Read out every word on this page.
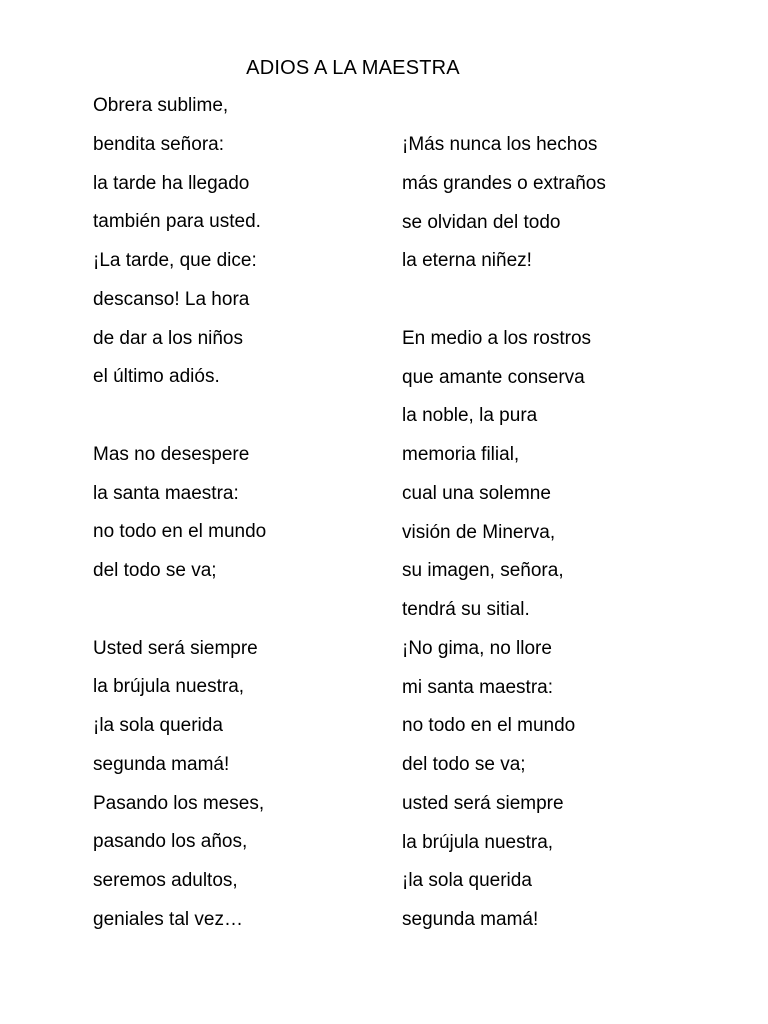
ADIOS A LA MAESTRA
Obrera sublime,
bendita señora:
la tarde ha llegado
también para usted.
¡La tarde, que dice:
descanso! La hora
de dar a los niños
el último adiós.
Mas no desespere
la santa maestra:
no todo en el mundo
del todo se va;
Usted será siempre
la brújula nuestra,
¡la sola querida
segunda mamá!
Pasando los meses,
pasando los años,
seremos adultos,
geniales tal vez…
¡Más nunca los hechos
más grandes o extraños
se olvidan del todo
la eterna niñez!
En medio a los rostros
que amante conserva
la noble, la pura
memoria filial,
cual una solemne
visión de Minerva,
su imagen, señora,
tendrá su sitial.
¡No gima, no llore
mi santa maestra:
no todo en el mundo
del todo se va;
usted será siempre
la brújula nuestra,
¡la sola querida
segunda mamá!
